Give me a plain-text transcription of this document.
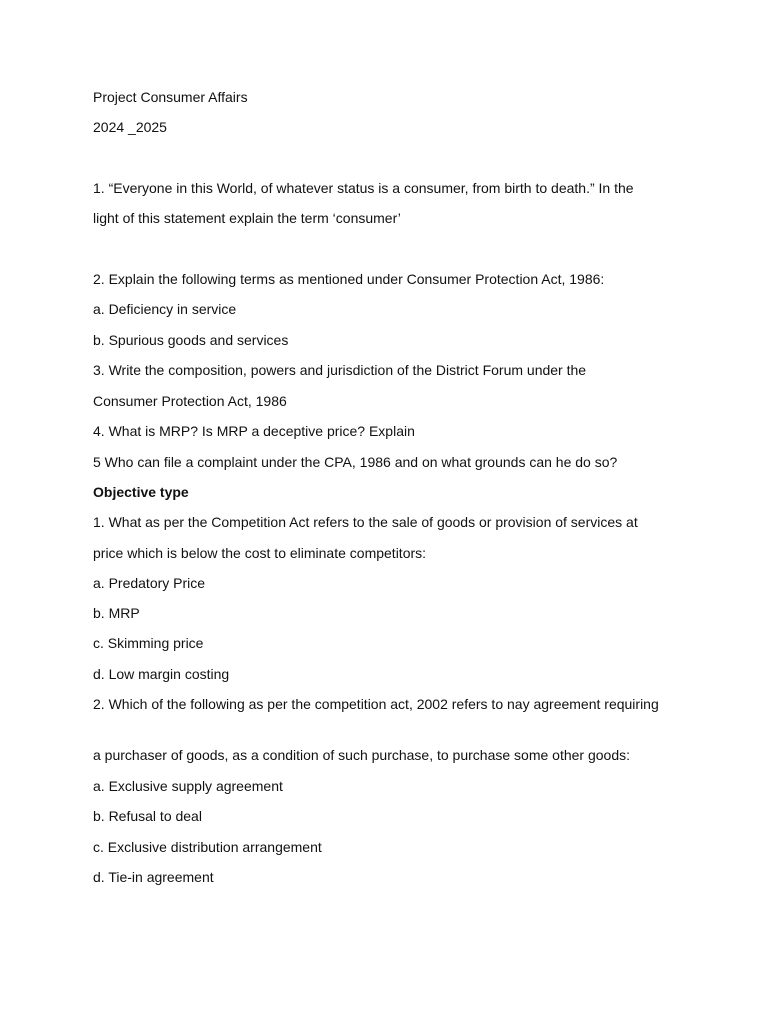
Project Consumer Affairs
2024 _2025
1. “Everyone in this World, of whatever status is a consumer, from birth to death.” In the
light of this statement explain the term ‘consumer’
2. Explain the following terms as mentioned under Consumer Protection Act, 1986:
a. Deficiency in service
b. Spurious goods and services
3. Write the composition, powers and jurisdiction of the District Forum under the
Consumer Protection Act, 1986
4. What is MRP? Is MRP a deceptive price? Explain
5 Who can file a complaint under the CPA, 1986 and on what grounds can he do so?
Objective type
1. What as per the Competition Act refers to the sale of goods or provision of services at
price which is below the cost to eliminate competitors:
a. Predatory Price
b. MRP
c. Skimming price
d. Low margin costing
2. Which of the following as per the competition act, 2002 refers to nay agreement requiring
a purchaser of goods, as a condition of such purchase, to purchase some other goods:
a. Exclusive supply agreement
b. Refusal to deal
c. Exclusive distribution arrangement
d. Tie-in agreement
